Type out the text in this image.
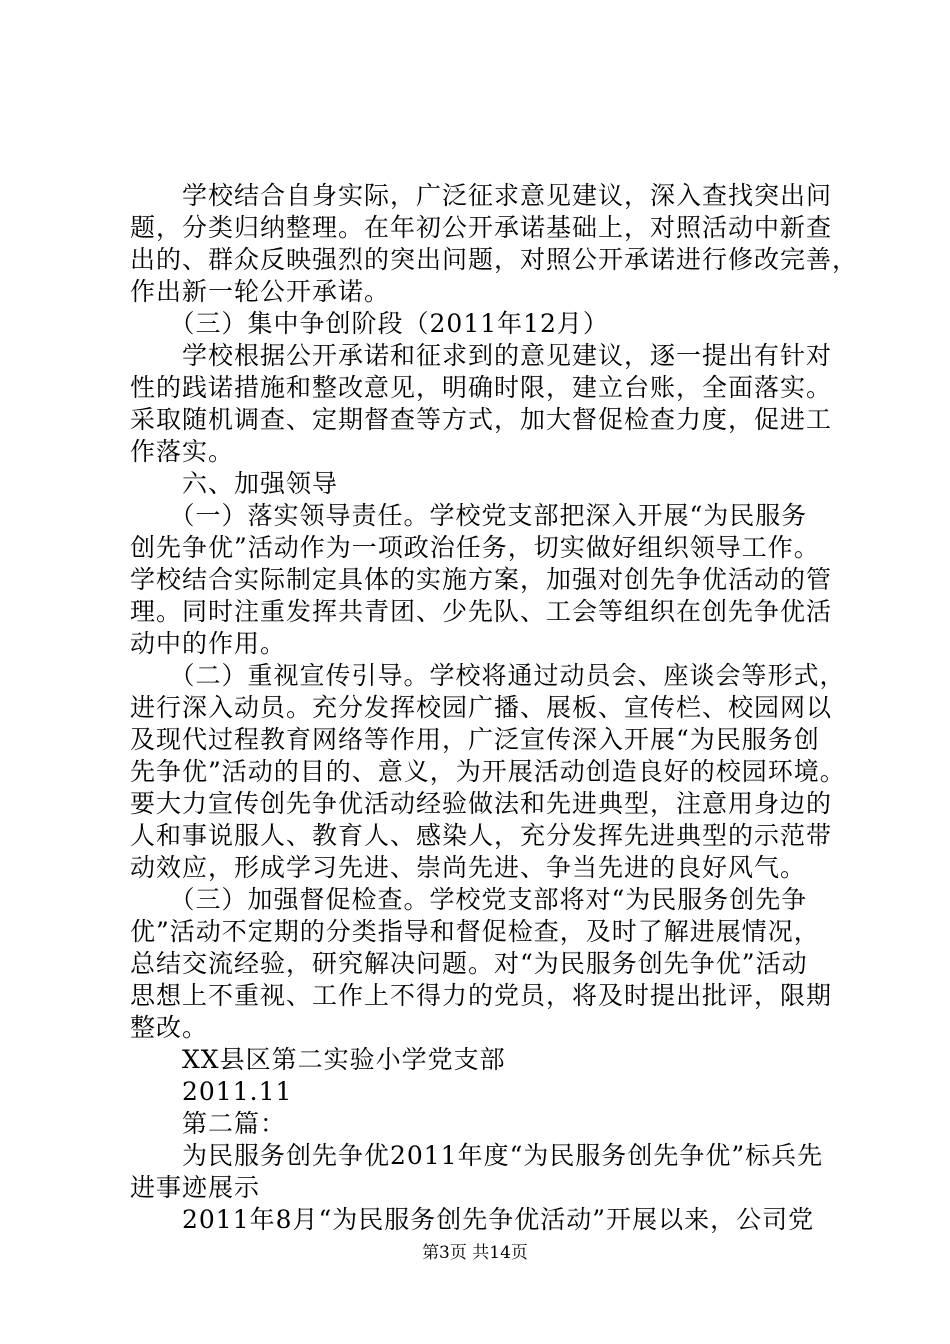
　　学校结合自身实际，广泛征求意见建议，深入查找突出问
题，分类归纳整理。在年初公开承诺基础上，对照活动中新查
出的、群众反映强烈的突出问题，对照公开承诺进行修改完善，
作出新一轮公开承诺。
　　（三）集中争创阶段（2011年12月）
　　学校根据公开承诺和征求到的意见建议，逐一提出有针对
性的践诺措施和整改意见，明确时限，建立台账，全面落实。
采取随机调查、定期督查等方式，加大督促检查力度，促进工
作落实。
　　六、加强领导
　　（一）落实领导责任。学校党支部把深入开展“为民服务
创先争优”活动作为一项政治任务，切实做好组织领导工作。
学校结合实际制定具体的实施方案，加强对创先争优活动的管
理。同时注重发挥共青团、少先队、工会等组织在创先争优活
动中的作用。
　　（二）重视宣传引导。学校将通过动员会、座谈会等形式，
进行深入动员。充分发挥校园广播、展板、宣传栏、校园网以
及现代过程教育网络等作用，广泛宣传深入开展“为民服务创
先争优”活动的目的、意义，为开展活动创造良好的校园环境。
要大力宣传创先争优活动经验做法和先进典型，注意用身边的
人和事说服人、教育人、感染人，充分发挥先进典型的示范带
动效应，形成学习先进、崇尚先进、争当先进的良好风气。
　　（三）加强督促检查。学校党支部将对“为民服务创先争
优”活动不定期的分类指导和督促检查，及时了解进展情况，
总结交流经验，研究解决问题。对“为民服务创先争优”活动
思想上不重视、工作上不得力的党员，将及时提出批评，限期
整改。
　　XX县区第二实验小学党支部
　　2011.11
　　第二篇：
　　为民服务创先争优2011年度“为民服务创先争优”标兵先
进事迹展示
　　2011年8月“为民服务创先争优活动”开展以来，公司党
第3页 共14页
